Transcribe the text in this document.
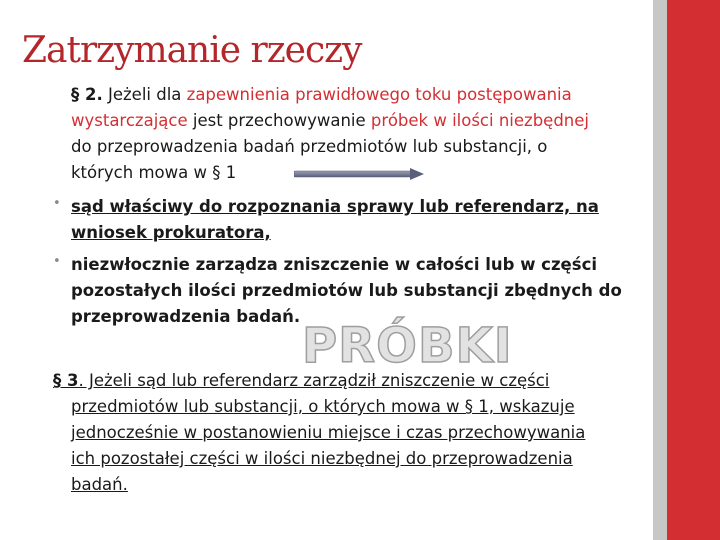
Zatrzymanie rzeczy
§ 2. Jeżeli dla zapewnienia prawidłowego toku postępowania
wystarczające jest przechowywanie próbek w ilości niezbędnej
do przeprowadzenia badań przedmiotów lub substancji, o
których mowa w § 1
• sąd właściwy do rozpoznania sprawy lub referendarz, na
wniosek prokuratora,
• niezwłocznie zarządza zniszczenie w całości lub w części
pozostałych ilości przedmiotów lub substancji zbędnych do
przeprowadzenia badań.
PRÓBKI
§ 3. Jeżeli sąd lub referendarz zarządził zniszczenie w części
przedmiotów lub substancji, o których mowa w § 1, wskazuje
jednocześnie w postanowieniu miejsce i czas przechowywania
ich pozostałej części w ilości niezbędnej do przeprowadzenia
badań.
